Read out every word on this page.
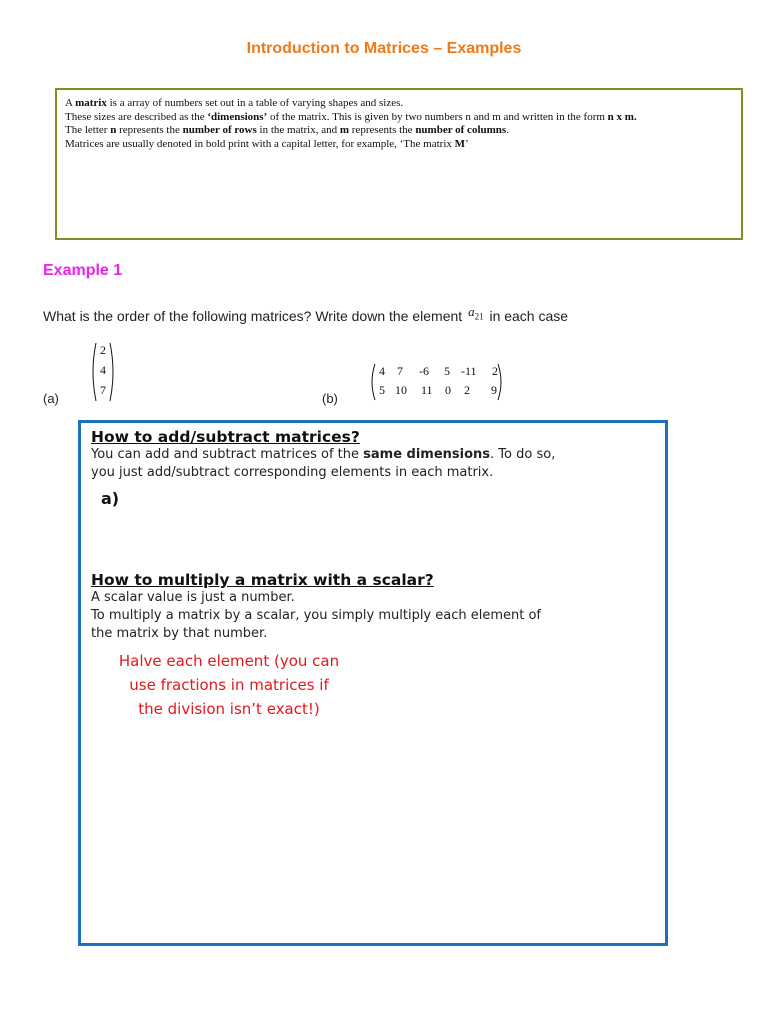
Introduction to Matrices – Examples

A matrix is a array of numbers set out in a table of varying shapes and sizes.

These sizes are described as the ‘dimensions’ of the matrix. This is given by two numbers n and m and written in the form n x m.

The letter n represents the number of rows in the matrix, and m represents the number of columns.

Matrices are usually denoted in bold print with a capital letter, for example, ‘The matrix M’

Example 1
What is the order of the following matrices? Write down the element $a_{21}$ in each case
(a)
2
4
7
(b)
4 7 -6 5 -11 2
5 10 11 0 2 9
How to add/subtract matrices?
You can add and subtract matrices of the same dimensions. To do so,
you just add/subtract corresponding elements in each matrix.
a)
How to multiply a matrix with a scalar?
A scalar value is just a number.
To multiply a matrix by a scalar, you simply multiply each element of
the matrix by that number.
Halve each element (you can
use fractions in matrices if
the division isn’t exact!)
